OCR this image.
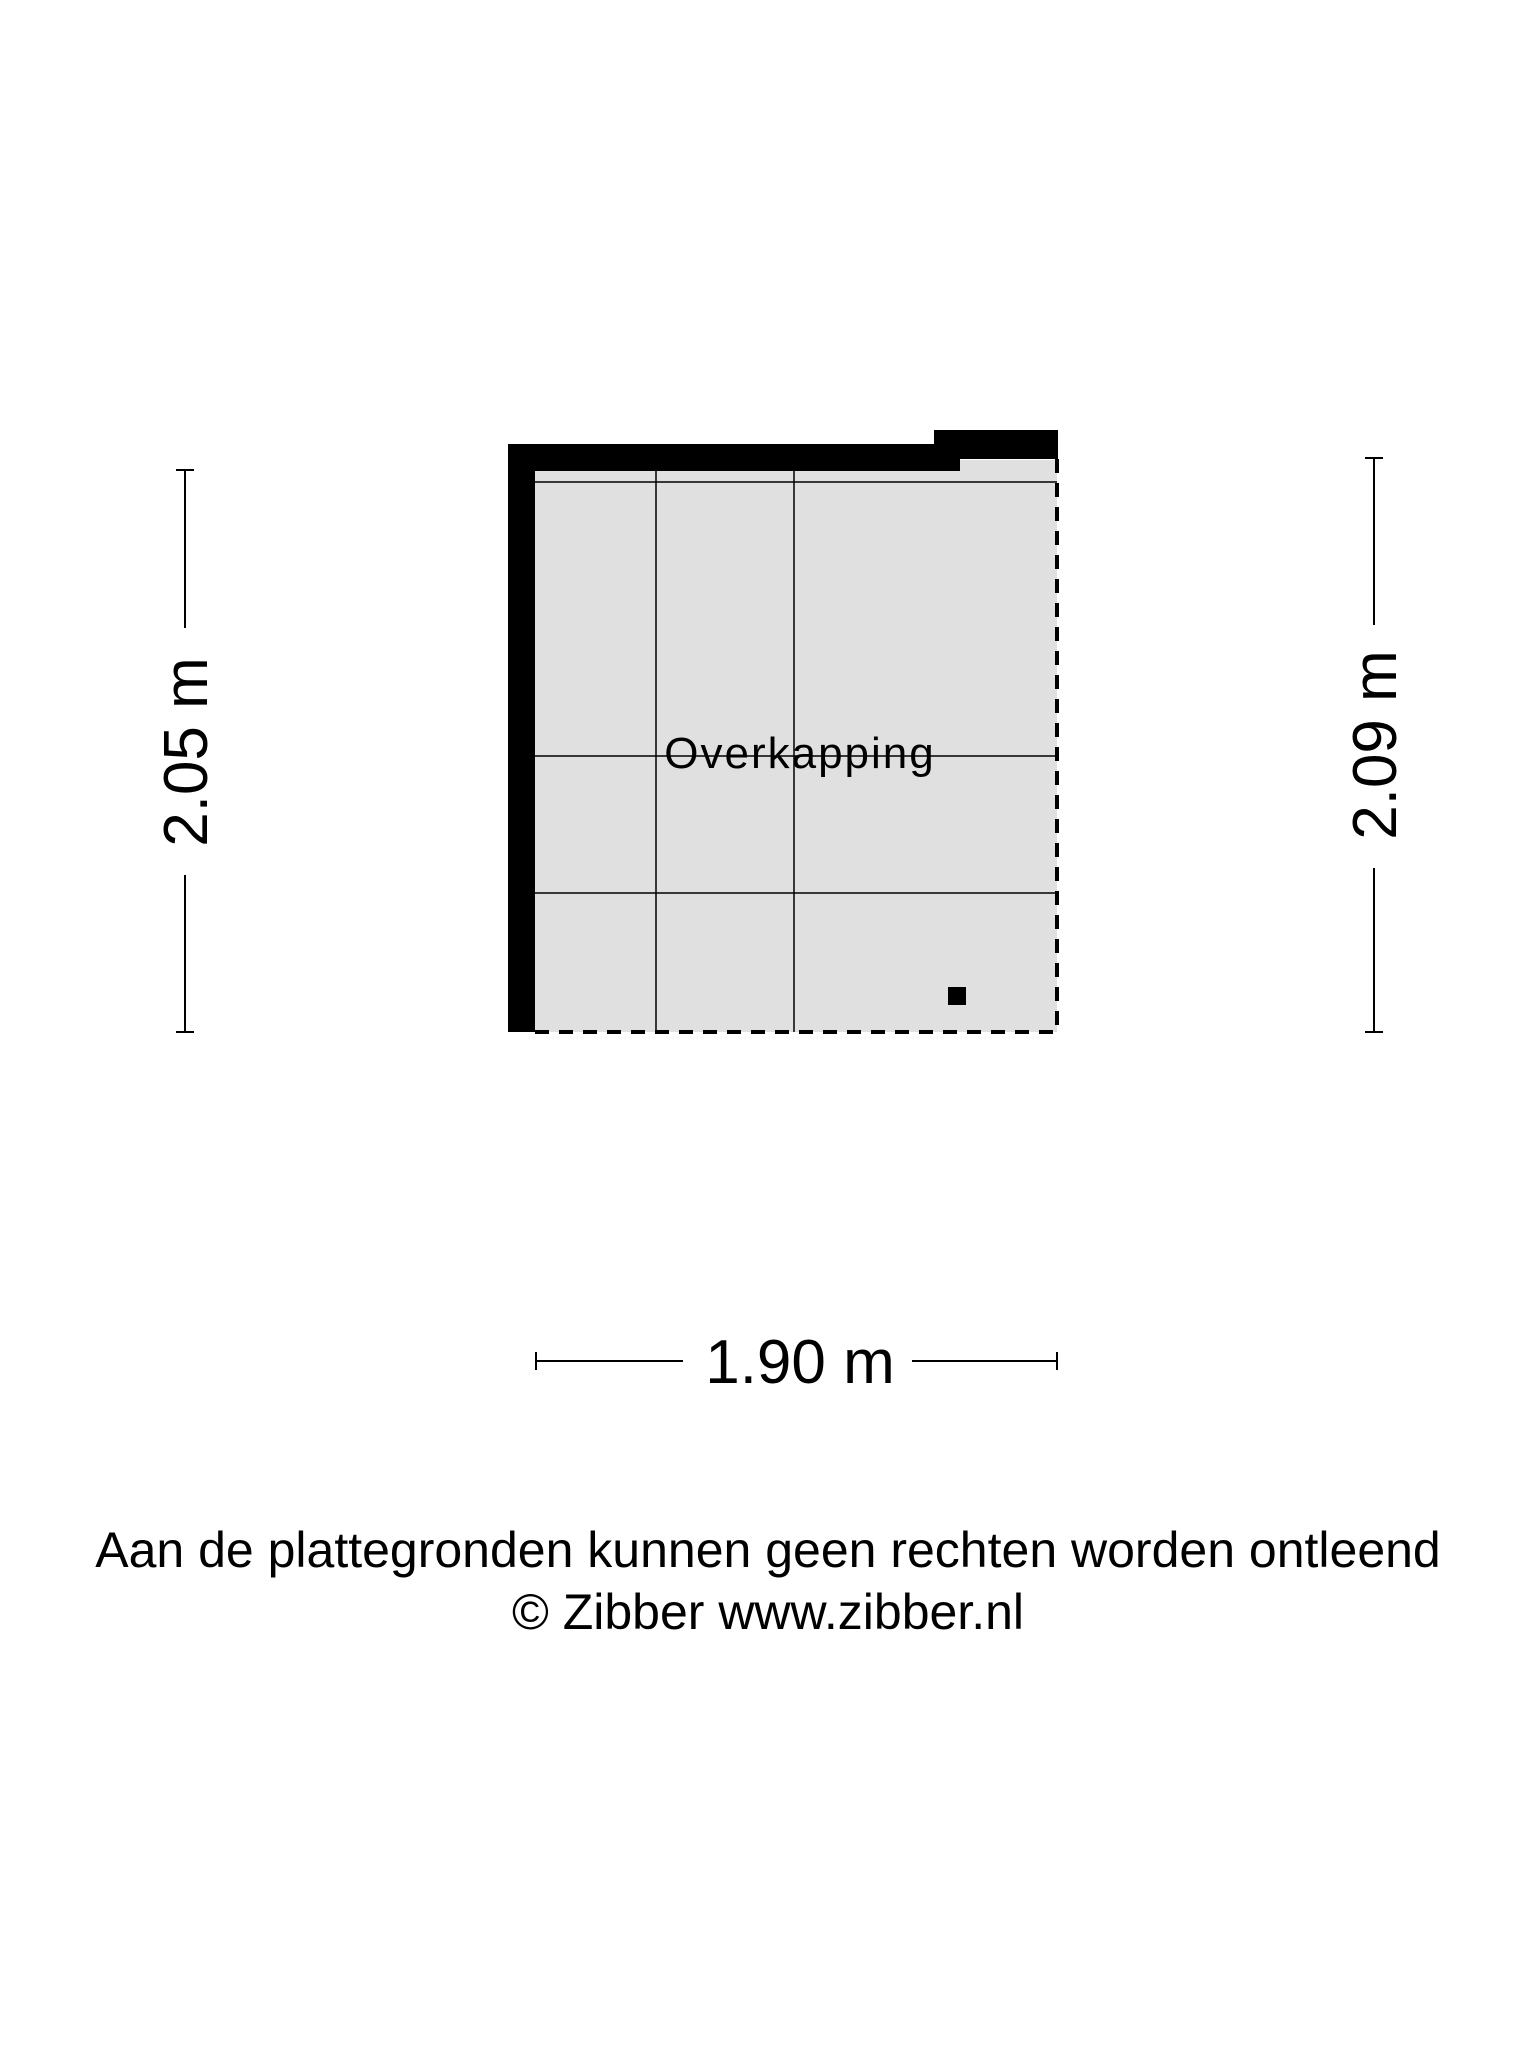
Overkapping
2.05 m	2.09 m
1.90 m
Aan de plattegronden kunnen geen rechten worden ontleend
© Zibber www.zibber.nl
